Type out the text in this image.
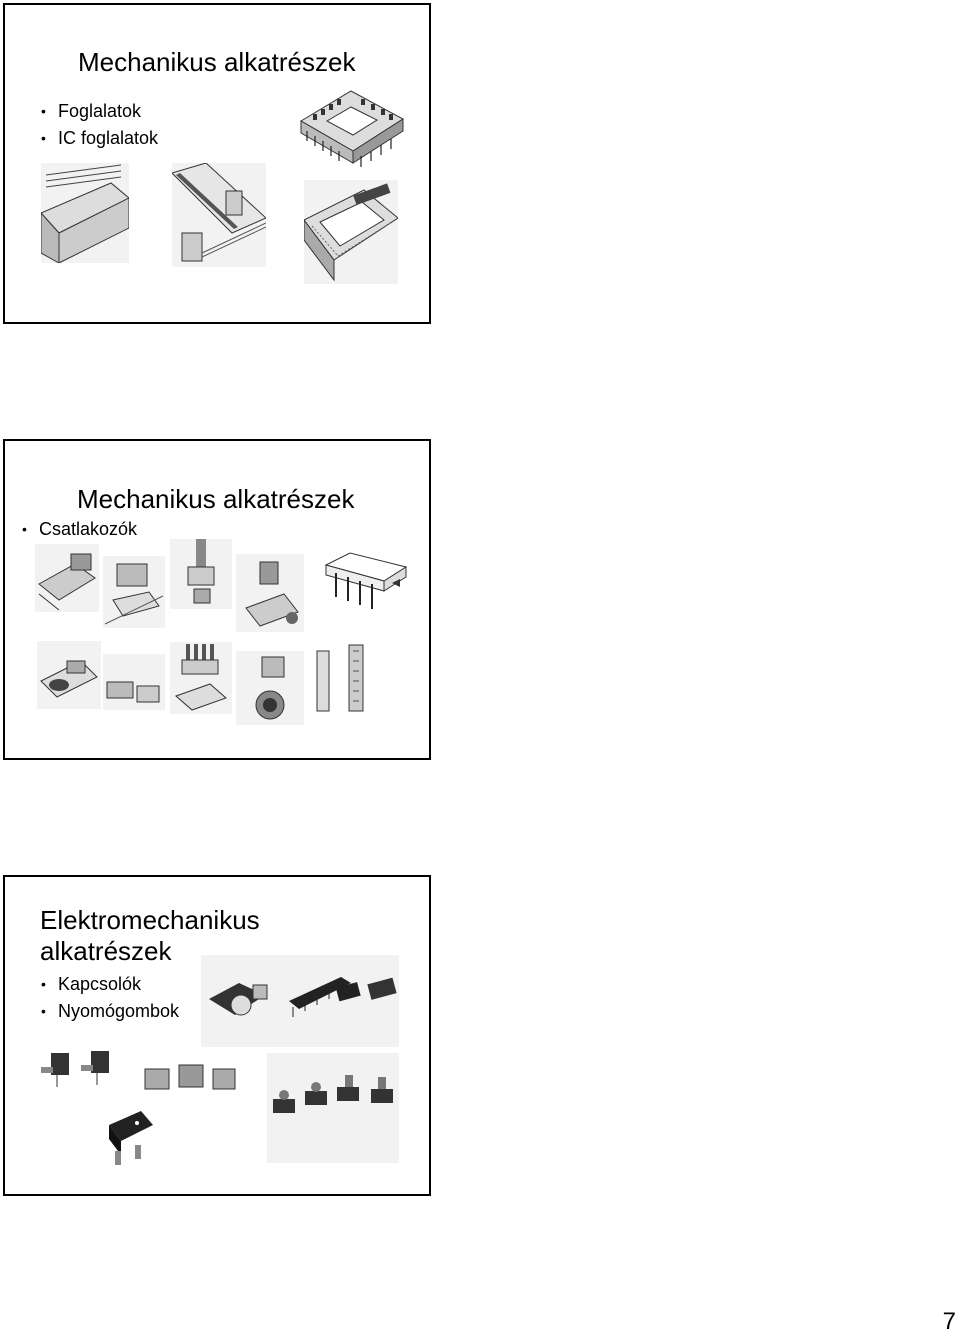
Mechanikus alkatrészek
• Foglalatok
• IC foglalatok
Mechanikus alkatrészek
• Csatlakozók
Elektromechanikus
alkatrészek
• Kapcsolók
• Nyomógombok
7
